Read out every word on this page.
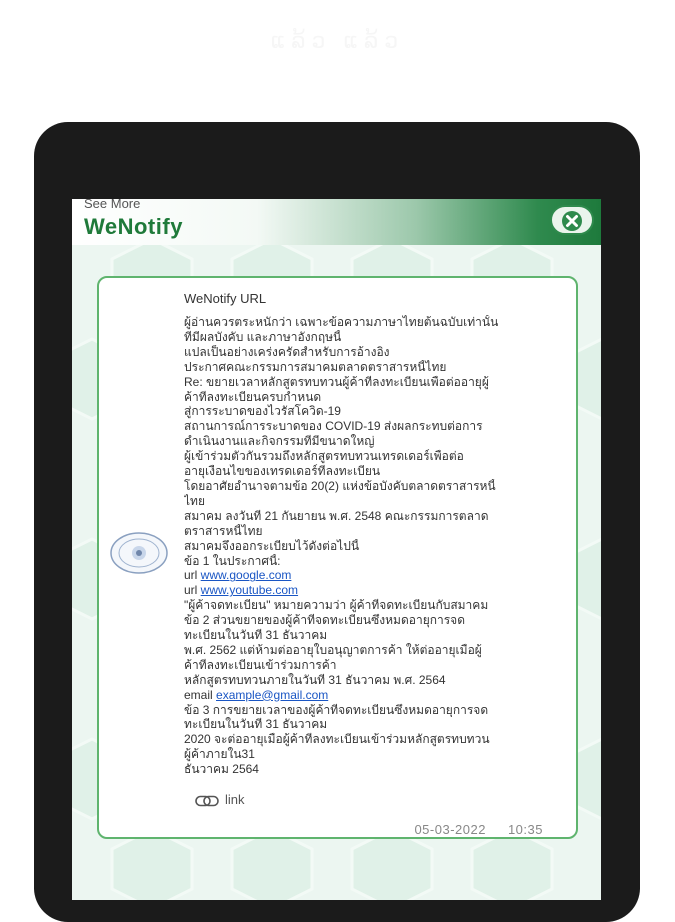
ແລ້ວ ແລ້ວ
See More
WeNotify
WeNotify URL
ผู้อ่านควรตระหนักว่า เฉพาะข้อความภาษาไทยต้นฉบับเท่านั้น
ที่มีผลบังคับ และภาษาอังกฤษนี้
แปลเป็นอย่างเคร่งครัดสำหรับการอ้างอิง
ประกาศคณะกรรมการสมาคมตลาดตราสารหนี้ไทย
Re: ขยายเวลาหลักสูตรทบทวนผู้ค้าที่ลงทะเบียนเพื่อต่ออายุผู้
ค้าที่ลงทะเบียนครบกำหนด
สู่การระบาดของไวรัสโควิด-19
สถานการณ์การระบาดของ COVID-19 ส่งผลกระทบต่อการ
ดำเนินงานและกิจกรรมที่มีขนาดใหญ่
ผู้เข้าร่วมตัวกันรวมถึงหลักสูตรทบทวนเทรดเดอร์เพื่อต่อ
อายุเงื่อนไขของเทรดเดอร์ที่ลงทะเบียน
โดยอาศัยอำนาจตามข้อ 20(2) แห่งข้อบังคับตลาดตราสารหนี้
ไทย
สมาคม ลงวันที่ 21 กันยายน พ.ศ. 2548 คณะกรรมการตลาด
ตราสารหนี้ไทย
สมาคมจึงออกระเบียบไว้ดังต่อไปนี้
ข้อ 1 ในประกาศนี้:
url www.google.com
url www.youtube.com
"ผู้ค้าจดทะเบียน" หมายความว่า ผู้ค้าที่จดทะเบียนกับสมาคม
ข้อ 2 ส่วนขยายของผู้ค้าที่จดทะเบียนซึ่งหมดอายุการจด
ทะเบียนในวันที่ 31 ธันวาคม
พ.ศ. 2562 แต่ห้ามต่ออายุใบอนุญาตการค้า ให้ต่ออายุเมื่อผู้
ค้าที่ลงทะเบียนเข้าร่วมการค้า
หลักสูตรทบทวนภายในวันที่ 31 ธันวาคม พ.ศ. 2564
email example@gmail.com
ข้อ 3 การขยายเวลาของผู้ค้าที่จดทะเบียนซึ่งหมดอายุการจด
ทะเบียนในวันที่ 31 ธันวาคม
2020 จะต่ออายุเมื่อผู้ค้าที่ลงทะเบียนเข้าร่วมหลักสูตรทบทวน
ผู้ค้าภายใน31
ธันวาคม 2564
link
05-03-2022 10:35
